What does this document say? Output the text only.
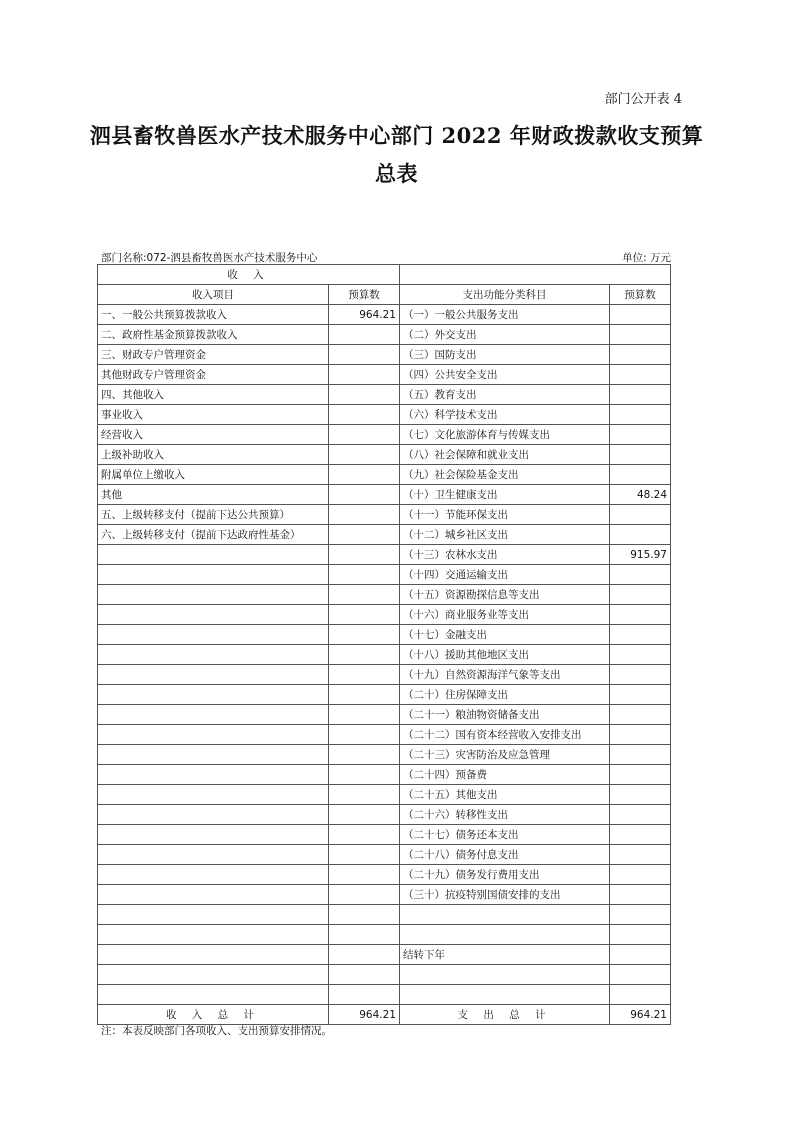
部门公开表 4
泗县畜牧兽医水产技术服务中心部门 2022 年财政拨款收支预算
总表
部门名称:072-泗县畜牧兽医水产技术服务中心	单位: 万元
收 入			
收入项目	预算数	支出功能分类科目	预算数
一、一般公共预算拨款收入	964.21	（一）一般公共服务支出	
二、政府性基金预算拨款收入		（二）外交支出	
三、财政专户管理资金		（三）国防支出	
其他财政专户管理资金		（四）公共安全支出	
四、其他收入		（五）教育支出	
事业收入		（六）科学技术支出	
经营收入		（七）文化旅游体育与传媒支出	
上级补助收入		（八）社会保障和就业支出	
附属单位上缴收入		（九）社会保险基金支出	
其他		（十）卫生健康支出	48.24
五、上级转移支付（提前下达公共预算）		（十一）节能环保支出	
六、上级转移支付（提前下达政府性基金）		（十二）城乡社区支出	
		（十三）农林水支出	915.97
		（十四）交通运输支出	
		（十五）资源勘探信息等支出	
		（十六）商业服务业等支出	
		（十七）金融支出	
		（十八）援助其他地区支出	
		（十九）自然资源海洋气象等支出	
		（二十）住房保障支出	
		（二十一）粮油物资储备支出	
		（二十二）国有资本经营收入安排支出	
		（二十三）灾害防治及应急管理	
		（二十四）预备费	
		（二十五）其他支出	
		（二十六）转移性支出	
		（二十七）债务还本支出	
		（二十八）债务付息支出	
		（二十九）债务发行费用支出	
		（三十）抗疫特别国债安排的支出	

		结转下年	

收 入 总 计	964.21	支 出 总 计	964.21
注：本表反映部门各项收入、支出预算安排情况。
